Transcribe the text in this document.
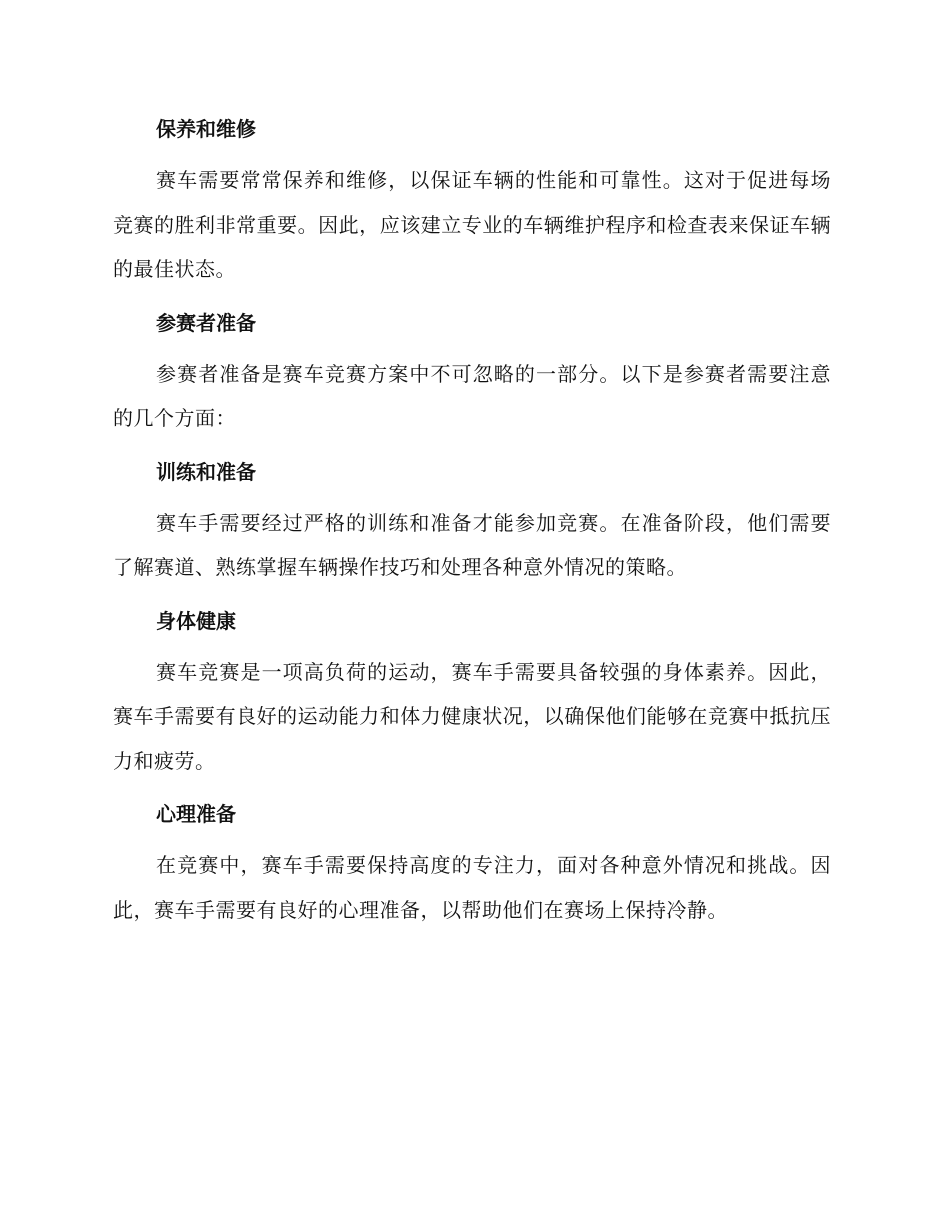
保养和维修

赛车需要常常保养和维修，以保证车辆的性能和可靠性。这对于促进每场竞赛的胜利非常重要。因此，应该建立专业的车辆维护程序和检查表来保证车辆的最佳状态。

参赛者准备

参赛者准备是赛车竞赛方案中不可忽略的一部分。以下是参赛者需要注意的几个方面：

训练和准备

赛车手需要经过严格的训练和准备才能参加竞赛。在准备阶段，他们需要了解赛道、熟练掌握车辆操作技巧和处理各种意外情况的策略。

身体健康

赛车竞赛是一项高负荷的运动，赛车手需要具备较强的身体素养。因此，赛车手需要有良好的运动能力和体力健康状况，以确保他们能够在竞赛中抵抗压力和疲劳。

心理准备

在竞赛中，赛车手需要保持高度的专注力，面对各种意外情况和挑战。因此，赛车手需要有良好的心理准备，以帮助他们在赛场上保持冷静。
